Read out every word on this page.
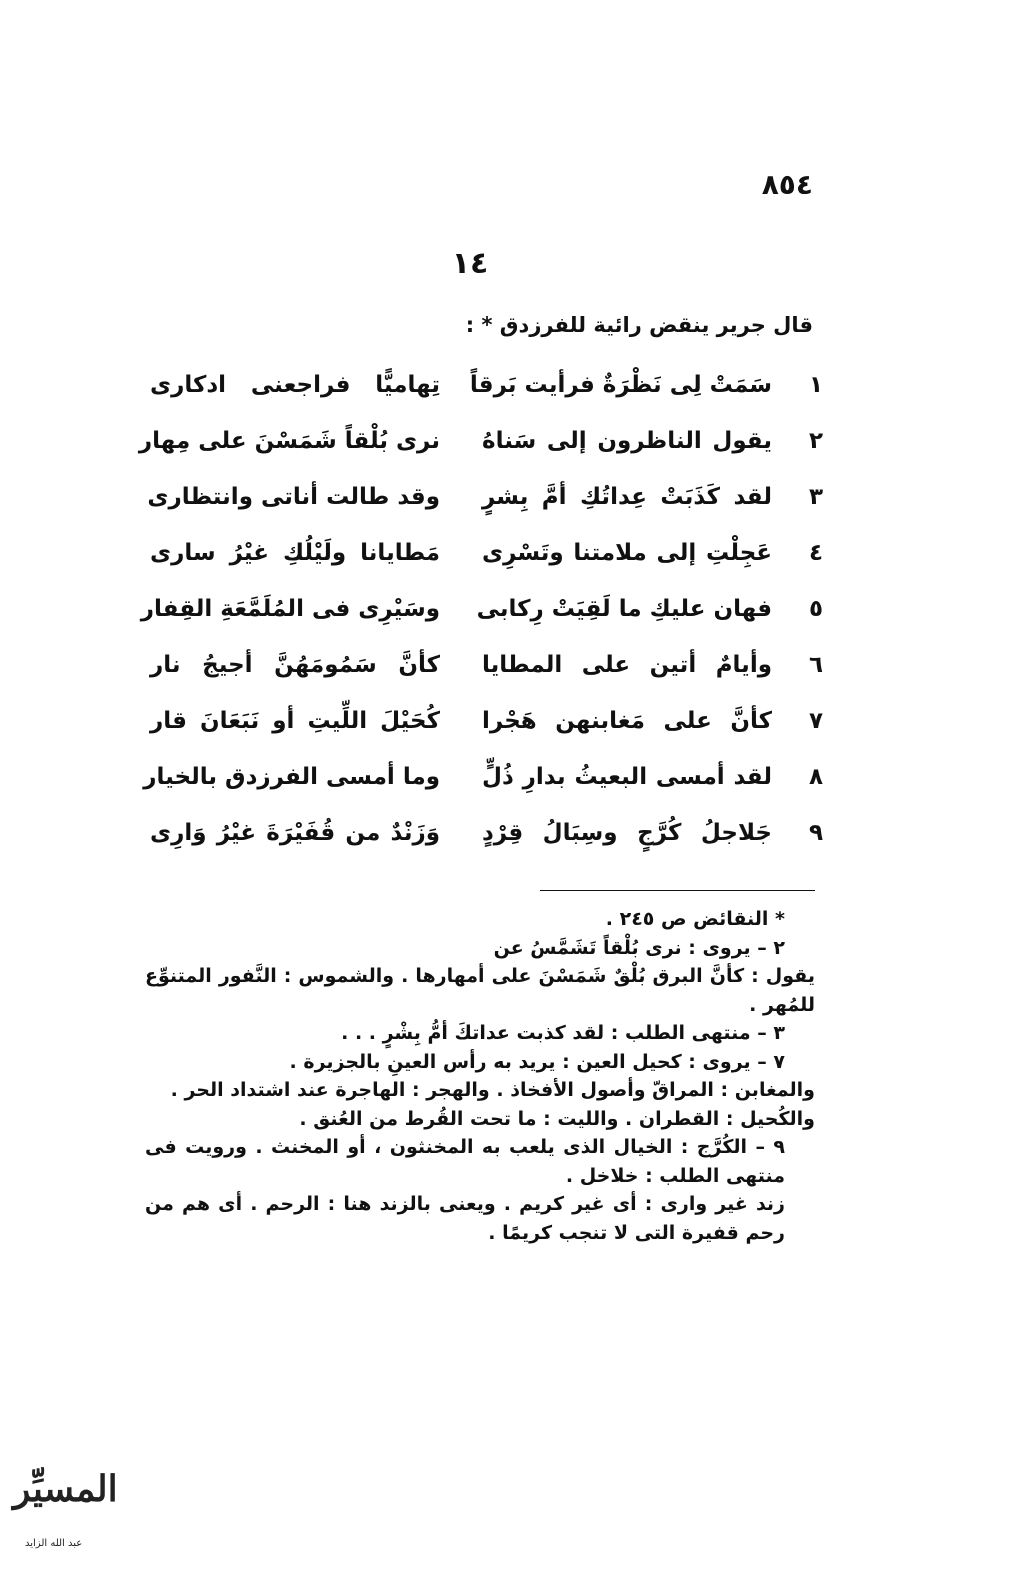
٨٥٤
١٤
قال جرير ينقض رائية للفرزدق * :
١
سَمَتْ لِى نَظْرَةٌ فرأيت بَرقاً
تِهاميًّا فراجعنى ادكارى
٢
يقول الناظرون إلى سَناهُ
نرى بُلْقاً شَمَسْنَ على مِهار
٣
لقد كَذَبَتْ عِداتُكِ أمَّ بِشرٍ
وقد طالت أناتى وانتظارى
٤
عَجِلْتِ إلى ملامتنا وتَسْرِى
مَطايانا ولَيْلُكِ غيْرُ سارى
٥
فهان عليكِ ما لَقِيَتْ رِكابى
وسَيْرِى فى المُلَمَّعَةِ القِفار
٦
وأيامٌ أتين على المطايا
كأنَّ سَمُومَهُنَّ أجيجُ نار
٧
كأنَّ على مَغابنهن هَجْرا
كُحَيْلَ اللِّيتِ أو نَبَعَانَ قار
٨
لقد أمسى البعيثُ بدارِ ذُلٍّ
وما أمسى الفرزدق بالخيار
٩
جَلاجلُ كُرَّجٍ وسِبَالُ قِرْدٍ
وَزَنْدٌ من قُفَيْرَةَ غيْرُ وَارِى
* النقائض ص ٢٤٥ .
٢ – يروى : نرى بُلْقاً تَشَمَّسُ عن
يقول : كأنَّ البرق بُلْقٌ شَمَسْنَ على أمهارها . والشموس : النَّفور المتنوِّع للمُهر .
٣ – منتهى الطلب : لقد كذبت عداتكَ أمُّ بِشْرٍ . . .
٧ – يروى : كحيل العين : يريد به رأس العينِ بالجزيرة .
والمغابن : المراقّ وأصول الأفخاذ . والهجر : الهاجرة عند اشتداد الحر .
والكُحيل : القطران . والليت : ما تحت القُرط من العُنق .
٩ – الكُرَّج : الخيال الذى يلعب به المخنثون ، أو المخنث . ورويت فى منتهى الطلب : خلاخل .
زند غير وارى : أى غير كريم . ويعنى بالزند هنا : الرحم . أى هم من رحم قفيرة التى لا تنجب كريمًا .
المسيِّر
عبد الله الزايد
